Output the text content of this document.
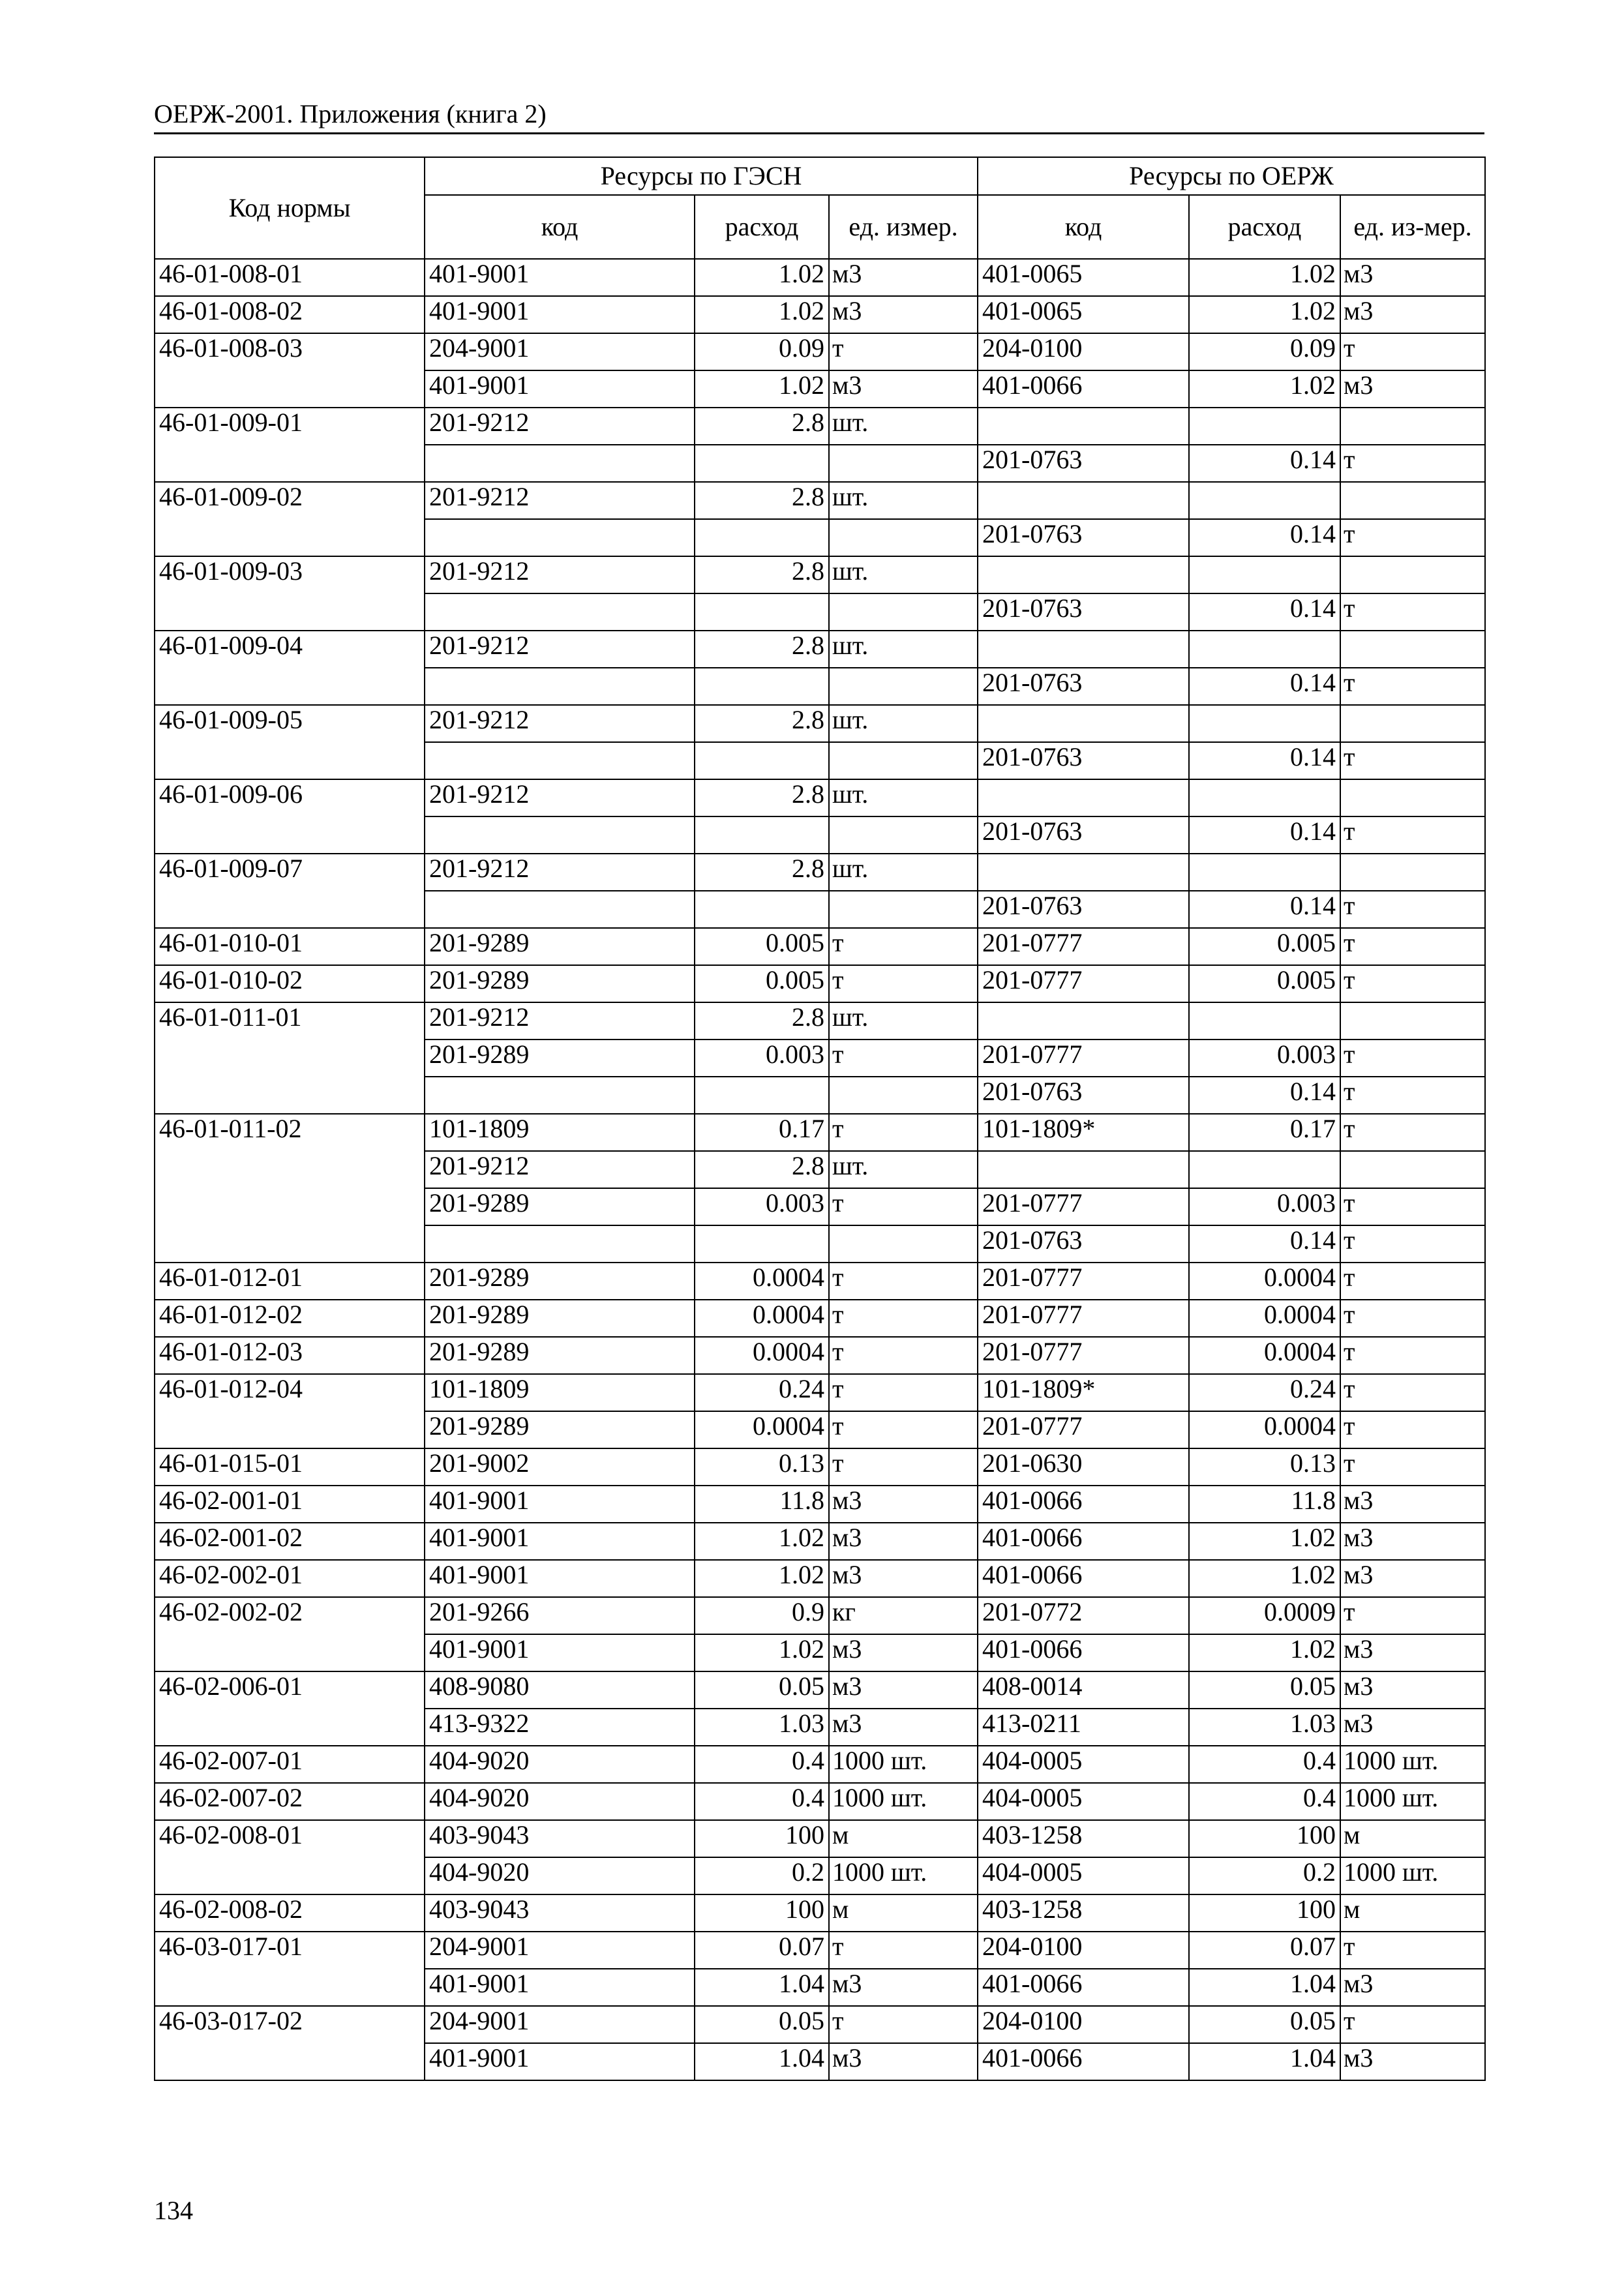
ОЕРЖ-2001. Приложения (книга 2)
Код нормы	Ресурсы по ГЭСН			Ресурсы по ОЕРЖ		
	код	расход	ед. измер.	код	расход	ед. из-мер.
46-01-008-01	401-9001	1.02	м3	401-0065	1.02	м3
46-01-008-02	401-9001	1.02	м3	401-0065	1.02	м3
46-01-008-03	204-9001	0.09	т	204-0100	0.09	т
	401-9001	1.02	м3	401-0066	1.02	м3
46-01-009-01	201-9212	2.8	шт.			
				201-0763	0.14	т
46-01-009-02	201-9212	2.8	шт.			
				201-0763	0.14	т
46-01-009-03	201-9212	2.8	шт.			
				201-0763	0.14	т
46-01-009-04	201-9212	2.8	шт.			
				201-0763	0.14	т
46-01-009-05	201-9212	2.8	шт.			
				201-0763	0.14	т
46-01-009-06	201-9212	2.8	шт.			
				201-0763	0.14	т
46-01-009-07	201-9212	2.8	шт.			
				201-0763	0.14	т
46-01-010-01	201-9289	0.005	т	201-0777	0.005	т
46-01-010-02	201-9289	0.005	т	201-0777	0.005	т
46-01-011-01	201-9212	2.8	шт.			
	201-9289	0.003	т	201-0777	0.003	т
				201-0763	0.14	т
46-01-011-02	101-1809	0.17	т	101-1809*	0.17	т
	201-9212	2.8	шт.			
	201-9289	0.003	т	201-0777	0.003	т
				201-0763	0.14	т
46-01-012-01	201-9289	0.0004	т	201-0777	0.0004	т
46-01-012-02	201-9289	0.0004	т	201-0777	0.0004	т
46-01-012-03	201-9289	0.0004	т	201-0777	0.0004	т
46-01-012-04	101-1809	0.24	т	101-1809*	0.24	т
	201-9289	0.0004	т	201-0777	0.0004	т
46-01-015-01	201-9002	0.13	т	201-0630	0.13	т
46-02-001-01	401-9001	11.8	м3	401-0066	11.8	м3
46-02-001-02	401-9001	1.02	м3	401-0066	1.02	м3
46-02-002-01	401-9001	1.02	м3	401-0066	1.02	м3
46-02-002-02	201-9266	0.9	кг	201-0772	0.0009	т
	401-9001	1.02	м3	401-0066	1.02	м3
46-02-006-01	408-9080	0.05	м3	408-0014	0.05	м3
	413-9322	1.03	м3	413-0211	1.03	м3
46-02-007-01	404-9020	0.4	1000 шт.	404-0005	0.4	1000 шт.
46-02-007-02	404-9020	0.4	1000 шт.	404-0005	0.4	1000 шт.
46-02-008-01	403-9043	100	м	403-1258	100	м
	404-9020	0.2	1000 шт.	404-0005	0.2	1000 шт.
46-02-008-02	403-9043	100	м	403-1258	100	м
46-03-017-01	204-9001	0.07	т	204-0100	0.07	т
	401-9001	1.04	м3	401-0066	1.04	м3
46-03-017-02	204-9001	0.05	т	204-0100	0.05	т
	401-9001	1.04	м3	401-0066	1.04	м3
134
